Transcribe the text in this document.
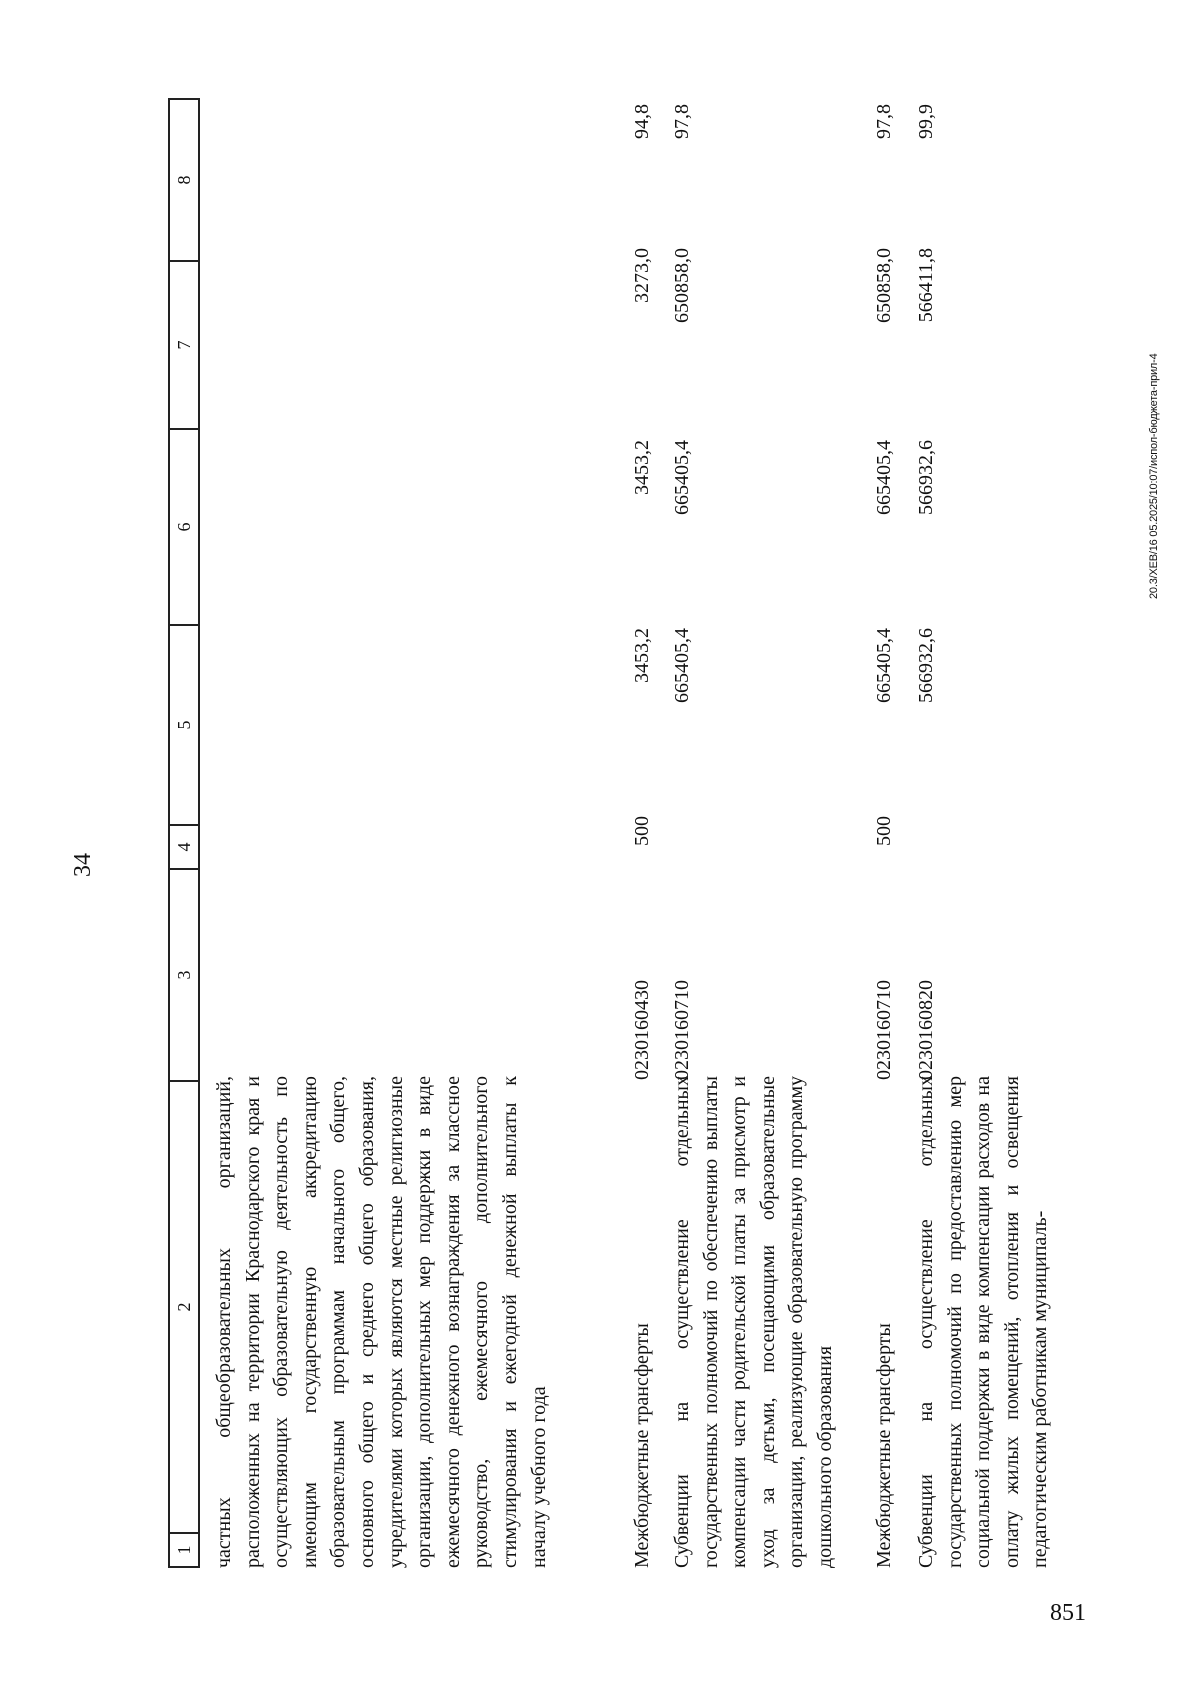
34
1
2
3
4
5
6
7
8
частных общеобразовательных организаций, расположенных на территории Краснодарского края и осуществляющих образовательную деятельность по имеющим государственную аккредитацию образовательным программам начального общего, основного общего и среднего общего образования, учредителями которых являются местные религиозные организации, дополнительных мер поддержки в виде ежемесячного денежного вознаграждения за классное руководство, ежемесячного дополнительного стимулирования и ежегодной денежной выплаты к началу учебного года	Межбюджетные трансферты
0230160430
500
3453,2
3453,2
3273,0
94,8
Субвенции на осуществление отдельных государственных полномочий по обеспечению выплаты компенсации части родительской платы за присмотр и уход за детьми, посещающими образовательные организации, реализующие образовательную программу дошкольного образования
0230160710
665405,4
665405,4
650858,0
97,8
Межбюджетные трансферты
0230160710
500
665405,4
665405,4
650858,0
97,8
Субвенции на осуществление отдельных государственных полномочий по предоставлению мер социальной поддержки в виде компенсации расходов на оплату жилых помещений, отопления и освещения педагогическим работникам муниципаль-
0230160820
566932,6
566932,6
566411,8
99,9
20.3/XEB/16 05.2025/10:07/испол-бюджета-прил-4
851
